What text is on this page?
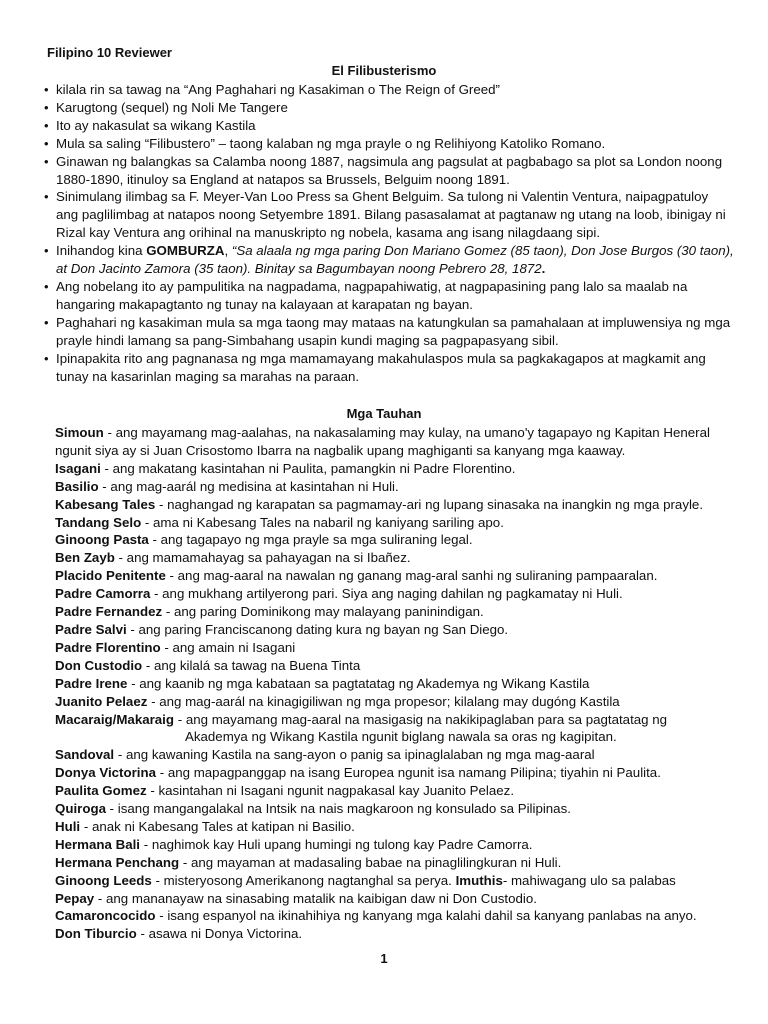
Filipino 10 Reviewer
El Filibusterismo
• kilala rin sa tawag na “Ang Paghahari ng Kasakiman o The Reign of Greed”
• Karugtong (sequel) ng Noli Me Tangere
• Ito ay nakasulat sa wikang Kastila
• Mula sa saling “Filibustero” – taong kalaban ng mga prayle o ng Relihiyong Katoliko Romano.
• Ginawan ng balangkas sa Calamba noong 1887, nagsimula ang pagsulat at pagbabago sa plot sa London noong 1880-1890, itinuloy sa England at natapos sa Brussels, Belguim noong 1891.
• Sinimulang ilimbag sa F. Meyer-Van Loo Press sa Ghent Belguim. Sa tulong ni Valentin Ventura, naipagpatuloy ang paglilimbag at natapos noong Setyembre 1891. Bilang pasasalamat at pagtanaw ng utang na loob, ibinigay ni Rizal kay Ventura ang orihinal na manuskripto ng nobela, kasama ang isang nilagdaang sipi.
• Inihandog kina GOMBURZA, “Sa alaala ng mga paring Don Mariano Gomez (85 taon), Don Jose Burgos (30 taon), at Don Jacinto Zamora (35 taon). Binitay sa Bagumbayan noong Pebrero 28, 1872.
• Ang nobelang ito ay pampulitika na nagpadama, nagpapahiwatig, at nagpapasining pang lalo sa maalab na hangaring makapagtanto ng tunay na kalayaan at karapatan ng bayan.
• Paghahari ng kasakiman mula sa mga taong may mataas na katungkulan sa pamahalaan at impluwensiya ng mga prayle hindi lamang sa pang-Simbahang usapin kundi maging sa pagpapasyang sibil.
• Ipinapakita rito ang pagnanasa ng mga mamamayang makahulaspos mula sa pagkakagapos at magkamit ang tunay na kasarinlan maging sa marahas na paraan.
Mga Tauhan

Simoun - ang mayamang mag-aalahas, na nakasalaming may kulay, na umano'y tagapayo ng Kapitan Heneral ngunit siya ay si Juan Crisostomo Ibarra na nagbalik upang maghiganti sa kanyang mga kaaway.

Isagani - ang makatang kasintahan ni Paulita, pamangkin ni Padre Florentino.

Basilio - ang mag-aarál ng medisina at kasintahan ni Huli.

Kabesang Tales - naghangad ng karapatan sa pagmamay-ari ng lupang sinasaka na inangkin ng mga prayle.

Tandang Selo - ama ni Kabesang Tales na nabaril ng kaniyang sariling apo.

Ginoong Pasta - ang tagapayo ng mga prayle sa mga suliraning legal.

Ben Zayb - ang mamamahayag sa pahayagan na si Ibañez.

Placido Penitente - ang mag-aaral na nawalan ng ganang mag-aral sanhi ng suliraning pampaaralan.

Padre Camorra - ang mukhang artilyerong pari. Siya ang naging dahilan ng pagkamatay ni Huli.

Padre Fernandez - ang paring Dominikong may malayang paninindigan.

Padre Salvi - ang paring Franciscanong dating kura ng bayan ng San Diego.

Padre Florentino - ang amain ni Isagani

Don Custodio - ang kilalá sa tawag na Buena Tinta

Padre Irene - ang kaanib ng mga kabataan sa pagtatatag ng Akademya ng Wikang Kastila

Juanito Pelaez - ang mag-aarál na kinagigiliwan ng mga propesor; kilalang may dugóng Kastila

Macaraig/Makaraig - ang mayamang mag-aaral na masigasig na nakikipaglaban para sa pagtatatag ng

Akademya ng Wikang Kastila ngunit biglang nawala sa oras ng kagipitan.

Sandoval - ang kawaning Kastila na sang-ayon o panig sa ipinaglalaban ng mga mag-aaral

Donya Victorina - ang mapagpanggap na isang Europea ngunit isa namang Pilipina; tiyahin ni Paulita.

Paulita Gomez - kasintahan ni Isagani ngunit nagpakasal kay Juanito Pelaez.

Quiroga - isang mangangalakal na Intsik na nais magkaroon ng konsulado sa Pilipinas.

Huli - anak ni Kabesang Tales at katipan ni Basilio.

Hermana Bali - naghimok kay Huli upang humingi ng tulong kay Padre Camorra.

Hermana Penchang - ang mayaman at madasaling babae na pinaglilingkuran ni Huli.

Ginoong Leeds - misteryosong Amerikanong nagtanghal sa perya. Imuthis- mahiwagang ulo sa palabas

Pepay - ang mananayaw na sinasabing matalik na kaibigan daw ni Don Custodio.

Camaroncocido - isang espanyol na ikinahihiya ng kanyang mga kalahi dahil sa kanyang panlabas na anyo.

Don Tiburcio - asawa ni Donya Victorina.

1
